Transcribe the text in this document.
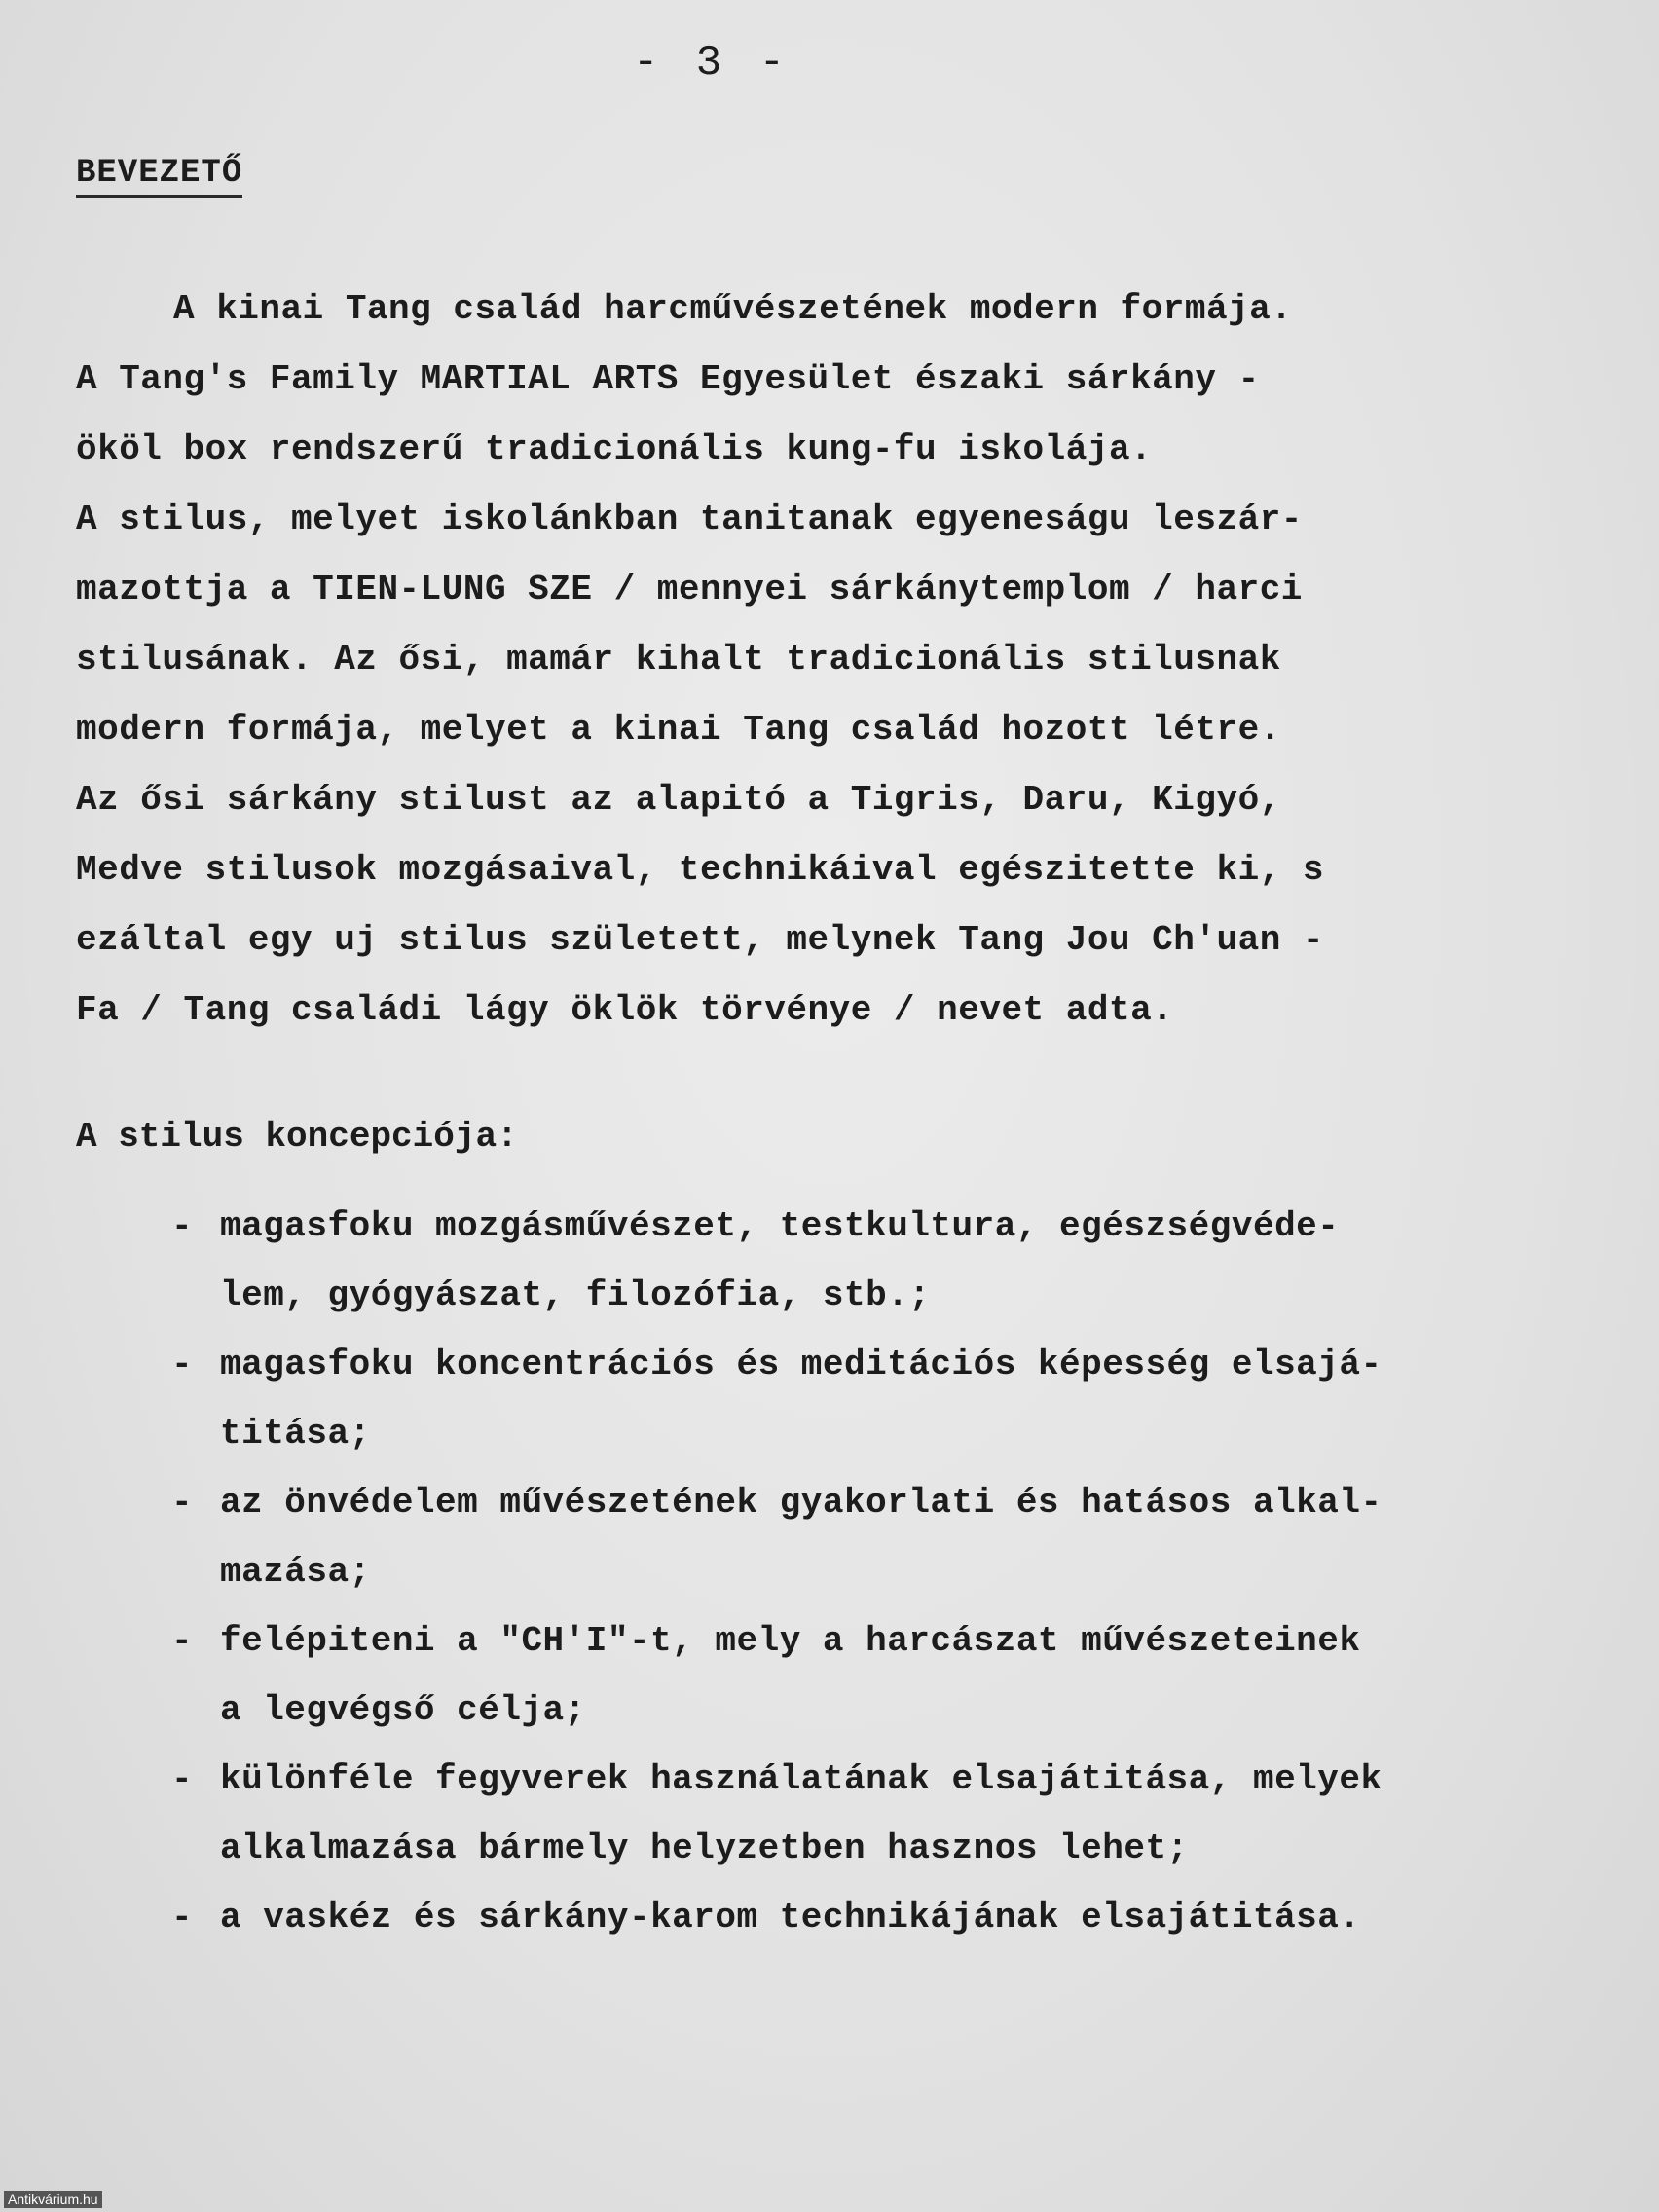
- 3 -
BEVEZETŐ
A kinai Tang család harcművészetének modern formája.
A Tang's Family MARTIAL ARTS Egyesület északi sárkány -
ököl box rendszerű tradicionális kung-fu iskolája.
A stilus, melyet iskolánkban tanitanak egyeneságu leszár-
mazottja a TIEN-LUNG SZE / mennyei sárkánytemplom / harci
stilusának. Az ősi, mamár kihalt tradicionális stilusnak
modern formája, melyet a kinai Tang család hozott létre.
Az ősi sárkány stilust az alapitó a Tigris, Daru, Kigyó,
Medve stilusok mozgásaival, technikáival egészitette ki, s
ezáltal egy uj stilus született, melynek Tang Jou Ch'uan -
Fa / Tang családi lágy öklök törvénye / nevet adta.
A stilus koncepciója:
- magasfoku mozgásművészet, testkultura, egészségvéde-
lem, gyógyászat, filozófia, stb.;
- magasfoku koncentrációs és meditációs képesség elsajá-
titása;
- az önvédelem művészetének gyakorlati és hatásos alkal-
mazása;
- felépiteni a "CH'I"-t, mely a harcászat művészeteinek
a legvégső célja;
- különféle fegyverek használatának elsajátitása, melyek
alkalmazása bármely helyzetben hasznos lehet;
- a vaskéz és sárkány-karom technikájának elsajátitása.
Antikvárium.hu
